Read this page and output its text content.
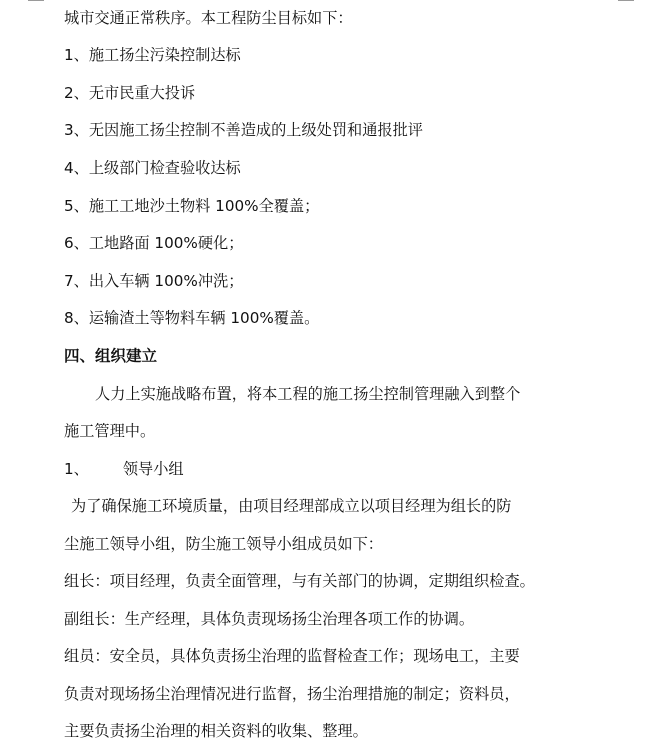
城市交通正常秩序。本工程防尘目标如下：
1、施工扬尘污染控制达标
2、无市民重大投诉
3、无因施工扬尘控制不善造成的上级处罚和通报批评
4、上级部门检查验收达标
5、施工工地沙土物料 100%全覆盖；
6、工地路面 100%硬化；
7、出入车辆 100%冲洗；
8、运输渣土等物料车辆 100%覆盖。
四、组织建立
人力上实施战略布置，将本工程的施工扬尘控制管理融入到整个
施工管理中。
1、 领导小组
为了确保施工环境质量，由项目经理部成立以项目经理为组长的防
尘施工领导小组，防尘施工领导小组成员如下：
组长：项目经理，负责全面管理，与有关部门的协调，定期组织检查。
副组长：生产经理，具体负责现场扬尘治理各项工作的协调。
组员：安全员，具体负责扬尘治理的监督检查工作；现场电工，主要
负责对现场扬尘治理情况进行监督，扬尘治理措施的制定；资料员，
主要负责扬尘治理的相关资料的收集、整理。
